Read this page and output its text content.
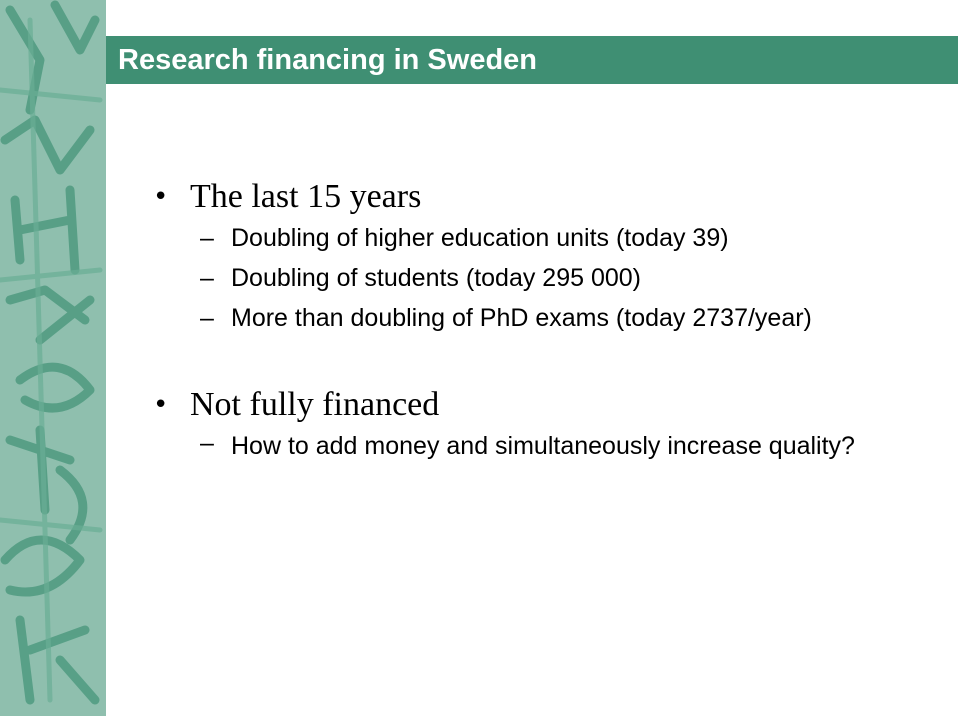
Research financing in Sweden
• The last 15 years
– Doubling of higher education units (today 39)
– Doubling of students (today 295 000)
– More than doubling of PhD exams (today 2737/year)
• Not fully financed
– How to add money and simultaneously increase quality?
